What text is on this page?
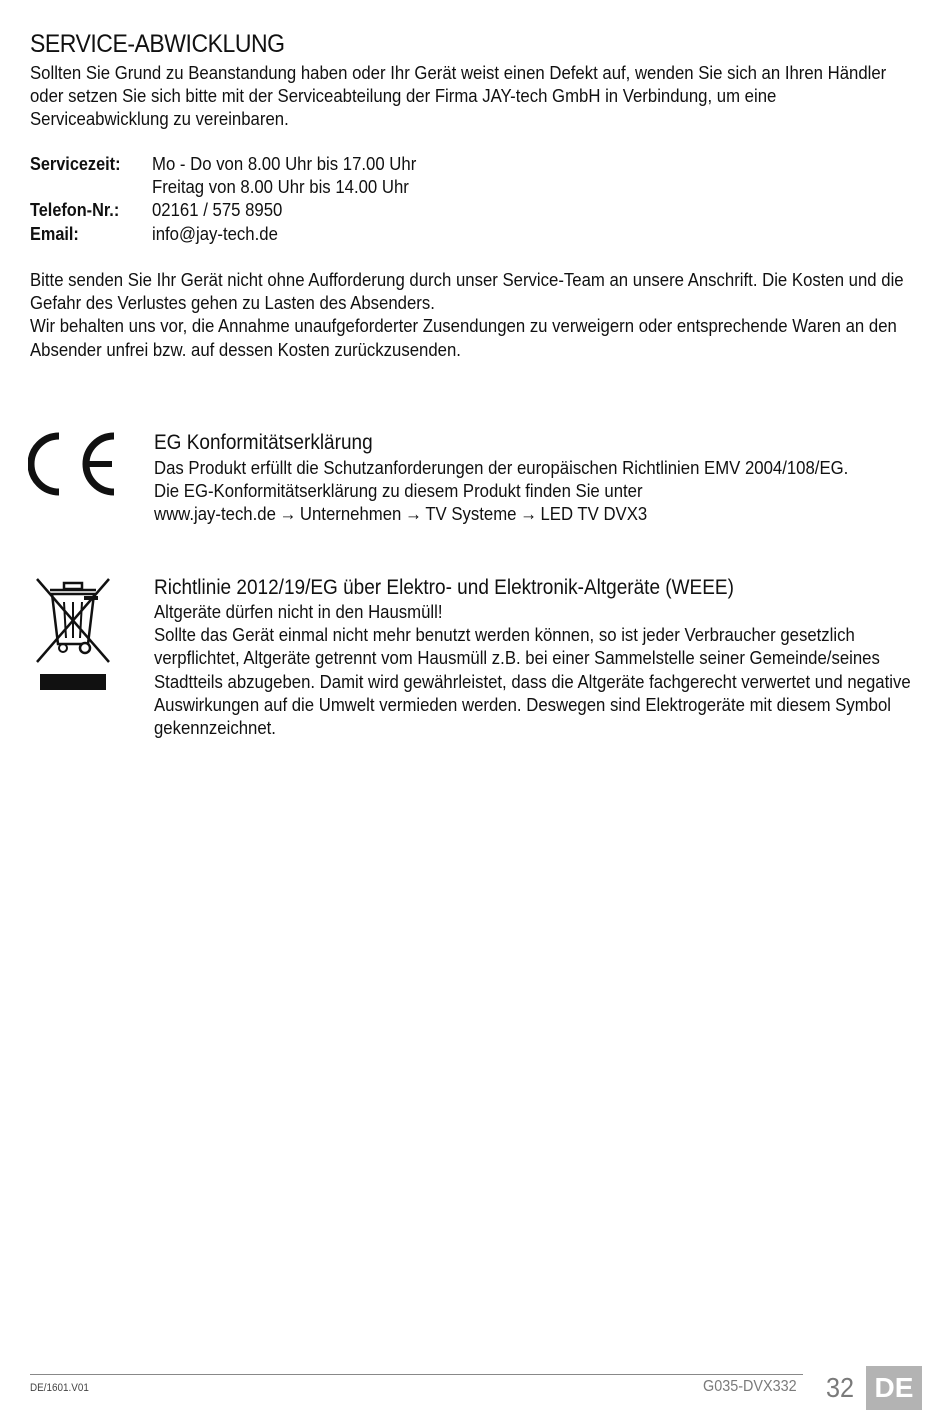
SERVICE-ABWICKLUNG

Sollten Sie Grund zu Beanstandung haben oder Ihr Gerät weist einen Defekt auf, wenden Sie sich an Ihren Händler oder setzen Sie sich bitte mit der Serviceabteilung der Firma JAY-tech GmbH in Verbindung, um eine Serviceabwicklung zu vereinbaren.

Servicezeit: Mo - Do von 8.00 Uhr bis 17.00 Uhr
Freitag von 8.00 Uhr bis 14.00 Uhr
Telefon-Nr.: 02161 / 575 8950
Email:	info@jay-tech.de
Bitte senden Sie Ihr Gerät nicht ohne Aufforderung durch unser Service-Team an unsere Anschrift. Die Kosten und die Gefahr des Verlustes gehen zu Lasten des Absenders.
Wir behalten uns vor, die Annahme unaufgeforderter Zusendungen zu verweigern oder entsprechende Waren an den Absender unfrei bzw. auf dessen Kosten zurückzusenden.
EG Konformitätserklärung
Das Produkt erfüllt die Schutzanforderungen der europäischen Richtlinien EMV 2004/108/EG.
Die EG-Konformitätserklärung zu diesem Produkt finden Sie unter
www.jay-tech.de → Unternehmen → TV Systeme → LED TV DVX3
Richtlinie 2012/19/EG über Elektro- und Elektronik-Altgeräte (WEEE)
Altgeräte dürfen nicht in den Hausmüll!
Sollte das Gerät einmal nicht mehr benutzt werden können, so ist jeder Verbraucher gesetzlich verpflichtet, Altgeräte getrennt vom Hausmüll z.B. bei einer Sammelstelle seiner Gemeinde/seines Stadtteils abzugeben. Damit wird gewährleistet, dass die Altgeräte fachgerecht verwertet und negative Auswirkungen auf die Umwelt vermieden werden. Deswegen sind Elektrogeräte mit diesem Symbol gekennzeichnet.
DE/1601.V01	G035-DVX332 32 DE
